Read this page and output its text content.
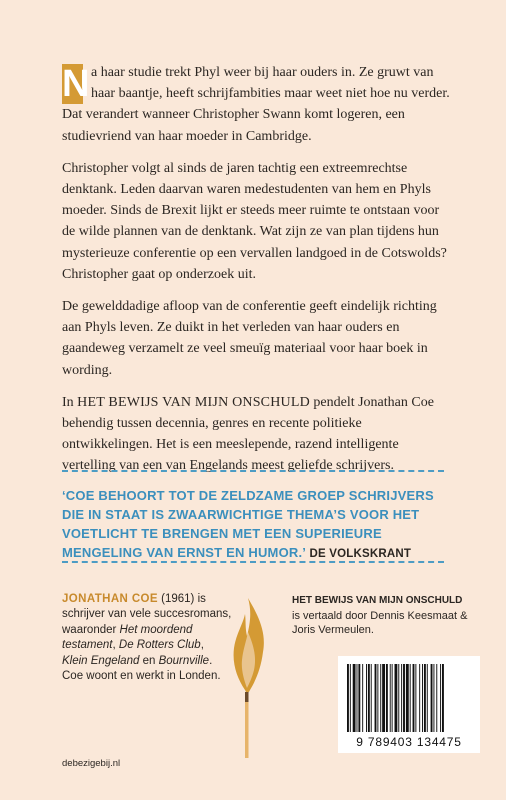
N a haar studie trekt Phyl weer bij haar ouders in. Ze gruwt van haar baantje, heeft schrijfambities maar weet niet hoe nu verder. Dat verandert wanneer Christopher Swann komt logeren, een studievriend van haar moeder in Cambridge.

Christopher volgt al sinds de jaren tachtig een extreemrechtse denktank. Leden daarvan waren medestudenten van hem en Phyls moeder. Sinds de Brexit lijkt er steeds meer ruimte te ontstaan voor de wilde plannen van de denktank. Wat zijn ze van plan tijdens hun mysterieuze conferentie op een vervallen landgoed in de Cotswolds? Christopher gaat op onderzoek uit.

De gewelddadige afloop van de conferentie geeft eindelijk richting aan Phyls leven. Ze duikt in het verleden van haar ouders en gaandeweg verzamelt ze veel smeuïg materiaal voor haar boek in wording.

In HET BEWIJS VAN MIJN ONSCHULD pendelt Jonathan Coe behendig tussen decennia, genres en recente politieke ontwikkelingen. Het is een meeslepende, razend intelligente vertelling van een van Engelands meest geliefde schrijvers.

‘COE BEHOORT TOT DE ZELDZAME GROEP SCHRIJVERS DIE IN STAAT IS ZWAARWICHTIGE THEMA’S VOOR HET VOETLICHT TE BRENGEN MET EEN SUPERIEURE MENGELING VAN ERNST EN HUMOR.’ DE VOLKSKRANT
JONATHAN COE (1961) is schrijver van vele succesromans, waaronder Het moordend testament, De Rotters Club, Klein Engeland en Bournville. Coe woont en werkt in Londen.
HET BEWIJS VAN MIJN ONSCHULD
is vertaald door Dennis Keesmaat & Joris Vermeulen.
9 789403 134475
debezigebij.nl
